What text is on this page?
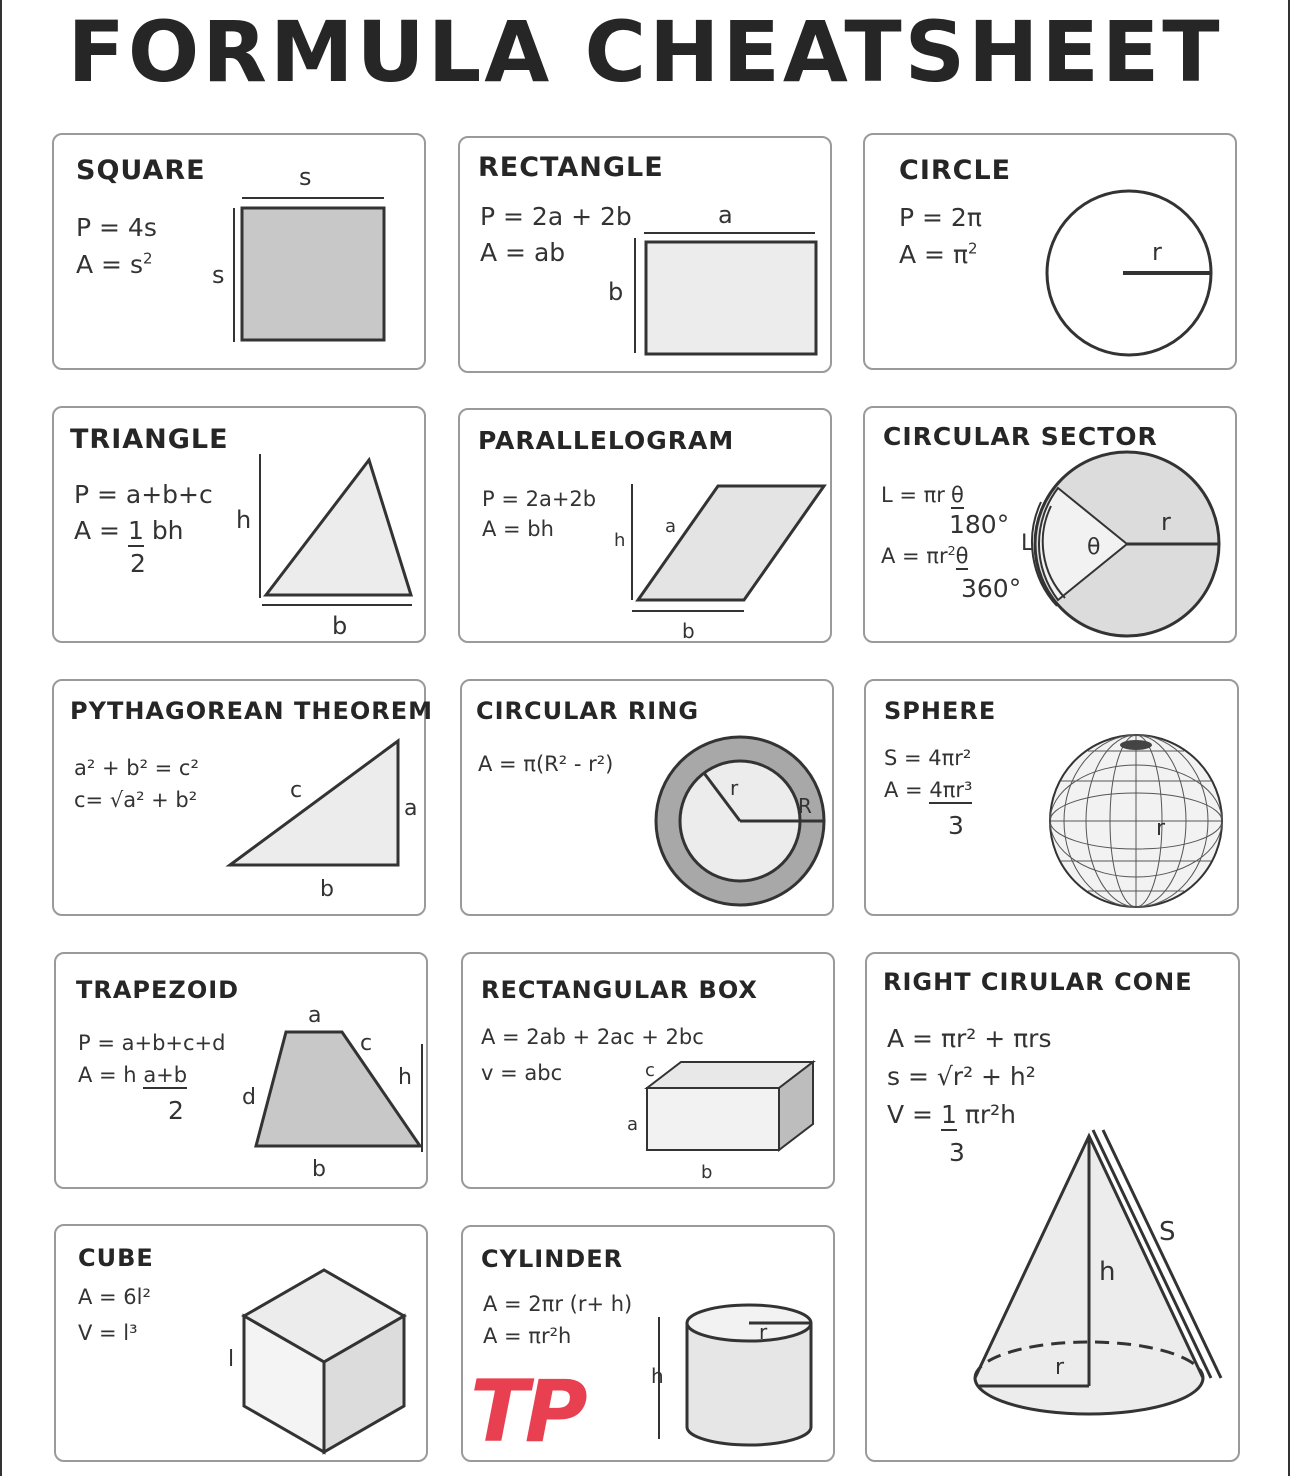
FORMULA CHEATSHEET
SQUARE
P = 4s
$A = s^2$
s
s
RECTANGLE
P = 2a + 2b
A = ab
a
b
CIRCLE
P = 2π
$A = \pi^2$	r
TRIANGLE
P = a+b+c
A = 1 bh
2
h
b
PARALLELOGRAM
P = 2a+2b
A = bh	h
a
b
CIRCULAR SECTOR
L = πr θ
180°
$A = \pi r^2\theta$
360°
L θ
r
PYTHAGOREAN THEOREM
a² + b² = c²
c= √a² + b²	c
a
b
CIRCULAR RING
A = π(R² - r²)
r
R
SPHERE
S = 4πr²
A = 4πr³
3	r
TRAPEZOID
P = a+b+c+d
A = h a+b
2
a
b
c
d
h
RECTANGULAR BOX
A = 2ab + 2ac + 2bc
v = abc	c
a
b
RIGHT CIRULAR CONE
A = πr² + πrs
s = √r² + h²
V = 1 πr²h
3
S
h
r
CUBE
A = 6l²
V = l³
l
CYLINDER
A = 2πr (r+ h)
A = πr²h	r
h
TP
